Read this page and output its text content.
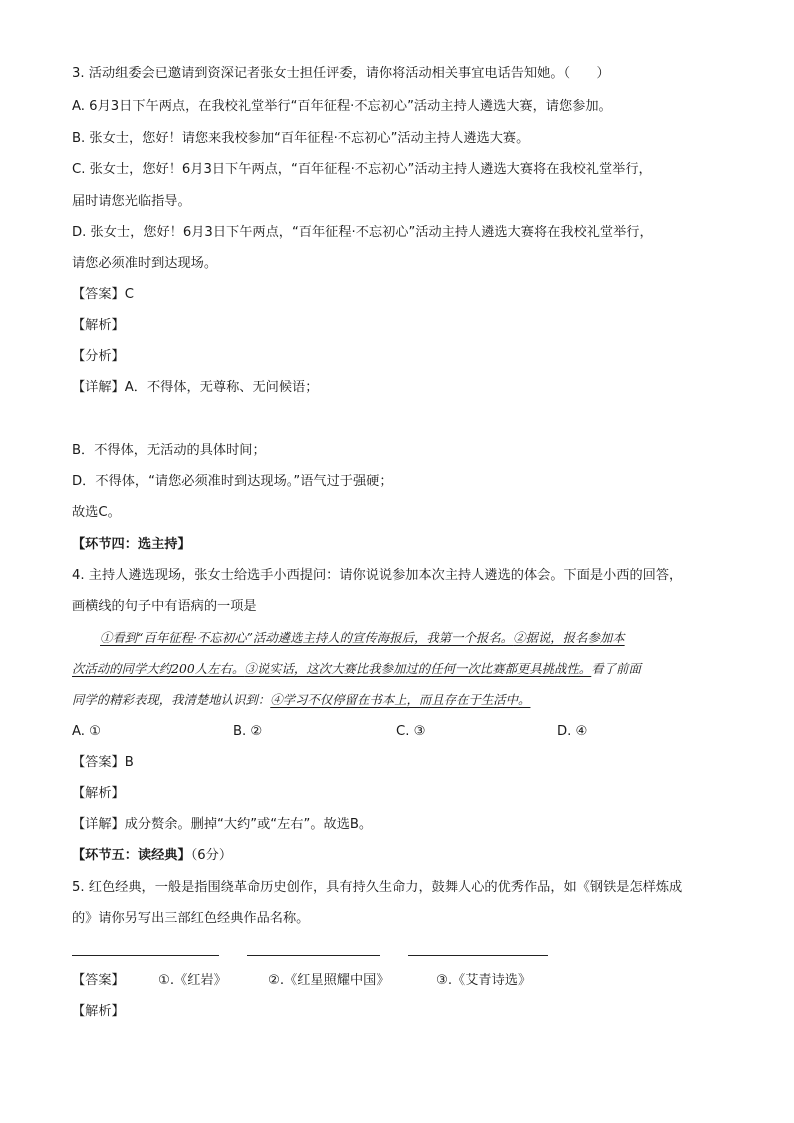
3. 活动组委会已邀请到资深记者张女士担任评委，请你将活动相关事宜电话告知她。（　　）
A. 6月3日下午两点，在我校礼堂举行“百年征程·不忘初心”活动主持人遴选大赛，请您参加。
B. 张女士，您好！请您来我校参加“百年征程·不忘初心”活动主持人遴选大赛。
C. 张女士，您好！6月3日下午两点，“百年征程·不忘初心”活动主持人遴选大赛将在我校礼堂举行，
届时请您光临指导。
D. 张女士，您好！6月3日下午两点，“百年征程·不忘初心”活动主持人遴选大赛将在我校礼堂举行，
请您必须准时到达现场。
【答案】C
【解析】
【分析】
【详解】A．不得体，无尊称、无问候语；
B．不得体，无活动的具体时间；
D．不得体，“请您必须准时到达现场。”语气过于强硬；
故选C。
【环节四：选主持】
4. 主持人遴选现场，张女士给选手小西提问：请你说说参加本次主持人遴选的体会。下面是小西的回答，
画横线的句子中有语病的一项是
①看到“百年征程·不忘初心”活动遴选主持人的宣传海报后，我第一个报名。②据说，报名参加本
次活动的同学大约200人左右。③说实话，这次大赛比我参加过的任何一次比赛都更具挑战性。看了前面
同学的精彩表现，我清楚地认识到：④学习不仅停留在书本上，而且存在于生活中。
A. ①	B. ②	C. ③	D. ④
【答案】B
【解析】
【详解】成分赘余。删掉“大约”或“左右”。故选B。
【环节五：读经典】（6分）
5. 红色经典，一般是指围绕革命历史创作，具有持久生命力，鼓舞人心的优秀作品，如《钢铁是怎样炼成
的》请你另写出三部红色经典作品名称。
【答案】	①.《红岩》	②.《红星照耀中国》	③.《艾青诗选》
【解析】
